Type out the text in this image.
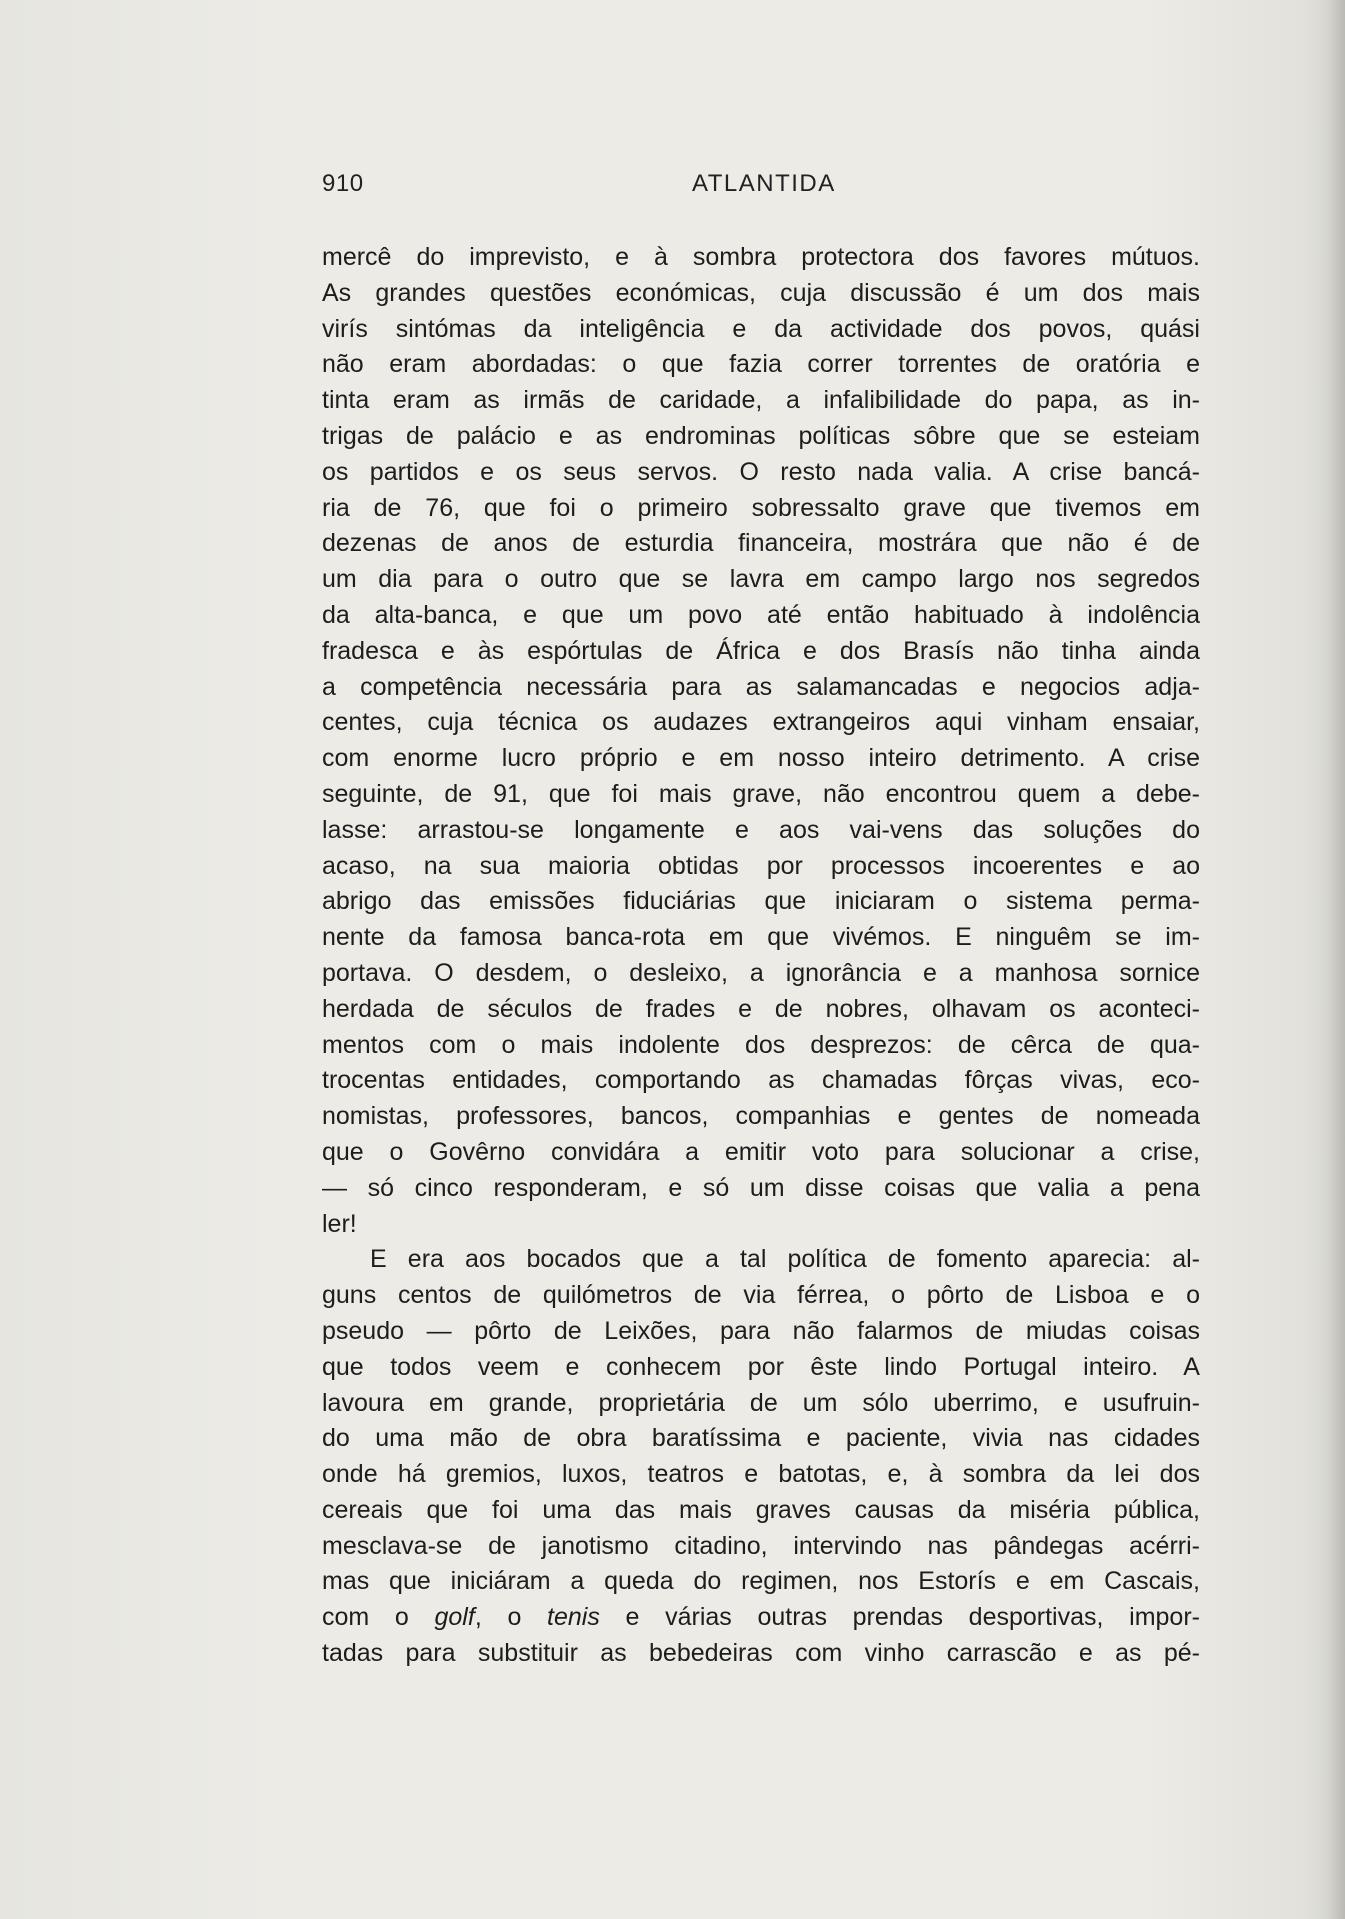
910	ATLANTIDA

mercê do imprevisto, e à sombra protectora dos favores mútuos.

As grandes questões económicas, cuja discussão é um dos mais

virís sintómas da inteligência e da actividade dos povos, quási

não eram abordadas: o que fazia correr torrentes de oratória e

tinta eram as irmãs de caridade, a infalibilidade do papa, as in-

trigas de palácio e as endrominas políticas sôbre que se esteiam

os partidos e os seus servos. O resto nada valia. A crise bancá-

ria de 76, que foi o primeiro sobressalto grave que tivemos em

dezenas de anos de esturdia financeira, mostrára que não é de

um dia para o outro que se lavra em campo largo nos segredos

da alta-banca, e que um povo até então habituado à indolência

fradesca e às espórtulas de África e dos Brasís não tinha ainda

a competência necessária para as salamancadas e negocios adja-

centes, cuja técnica os audazes extrangeiros aqui vinham ensaiar,

com enorme lucro próprio e em nosso inteiro detrimento. A crise

seguinte, de 91, que foi mais grave, não encontrou quem a debe-

lasse: arrastou-se longamente e aos vai-vens das soluções do

acaso, na sua maioria obtidas por processos incoerentes e ao

abrigo das emissões fiduciárias que iniciaram o sistema perma-

nente da famosa banca-rota em que vivémos. E ninguêm se im-

portava. O desdem, o desleixo, a ignorância e a manhosa sornice

herdada de séculos de frades e de nobres, olhavam os aconteci-

mentos com o mais indolente dos desprezos: de cêrca de qua-

trocentas entidades, comportando as chamadas fôrças vivas, eco-

nomistas, professores, bancos, companhias e gentes de nomeada

que o Govêrno convidára a emitir voto para solucionar a crise,

— só cinco responderam, e só um disse coisas que valia a pena

ler!

E era aos bocados que a tal política de fomento aparecia: al-

guns centos de quilómetros de via férrea, o pôrto de Lisboa e o

pseudo — pôrto de Leixões, para não falarmos de miudas coisas

que todos veem e conhecem por êste lindo Portugal inteiro. A

lavoura em grande, proprietária de um sólo uberrimo, e usufruin-

do uma mão de obra baratíssima e paciente, vivia nas cidades

onde há gremios, luxos, teatros e batotas, e, à sombra da lei dos

cereais que foi uma das mais graves causas da miséria pública,

mesclava-se de janotismo citadino, intervindo nas pândegas acérri-

mas que iniciáram a queda do regimen, nos Estorís e em Cascais,

com o golf, o tenis e várias outras prendas desportivas, impor-

tadas para substituir as bebedeiras com vinho carrascão e as pé-
